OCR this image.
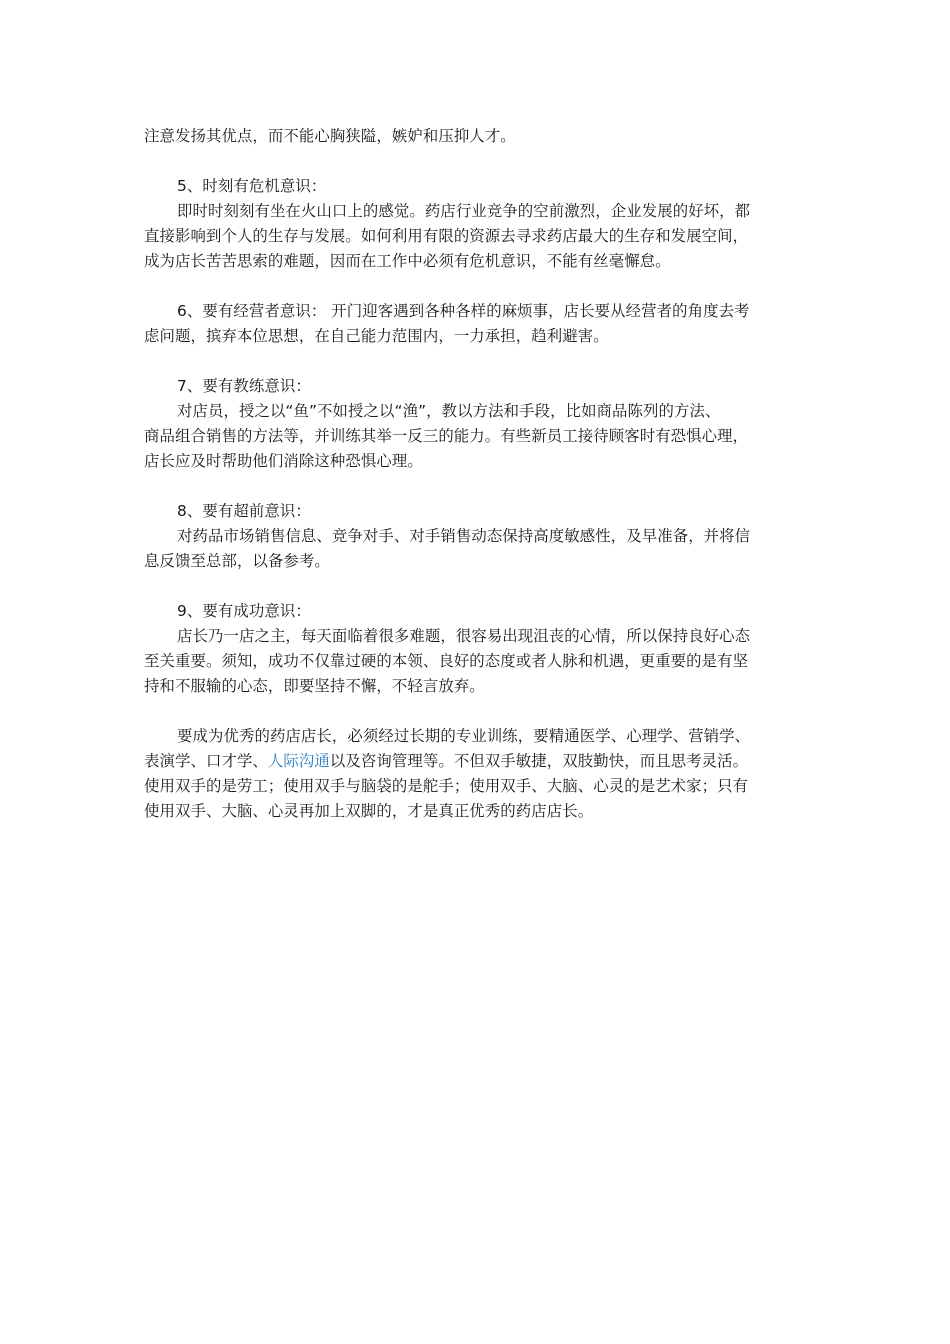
注意发扬其优点，而不能心胸狭隘，嫉妒和压抑人才。

5、时刻有危机意识：
即时时刻刻有坐在火山口上的感觉。药店行业竞争的空前激烈，企业发展的好坏，都
直接影响到个人的生存与发展。如何利用有限的资源去寻求药店最大的生存和发展空间，
成为店长苦苦思索的难题，因而在工作中必须有危机意识，不能有丝毫懈怠。

6、要有经营者意识： 开门迎客遇到各种各样的麻烦事，店长要从经营者的角度去考
虑问题，摈弃本位思想，在自己能力范围内，一力承担，趋利避害。

7、要有教练意识：
对店员，授之以“鱼”不如授之以“渔”，教以方法和手段，比如商品陈列的方法、
商品组合销售的方法等，并训练其举一反三的能力。有些新员工接待顾客时有恐惧心理，
店长应及时帮助他们消除这种恐惧心理。

8、要有超前意识：
对药品市场销售信息、竞争对手、对手销售动态保持高度敏感性，及早准备，并将信
息反馈至总部，以备参考。

9、要有成功意识：
店长乃一店之主，每天面临着很多难题，很容易出现沮丧的心情，所以保持良好心态
至关重要。须知，成功不仅靠过硬的本领、良好的态度或者人脉和机遇，更重要的是有坚
持和不服输的心态，即要坚持不懈，不轻言放弃。

要成为优秀的药店店长，必须经过长期的专业训练，要精通医学、心理学、营销学、
表演学、口才学、人际沟通以及咨询管理等。不但双手敏捷，双肢勤快，而且思考灵活。
使用双手的是劳工；使用双手与脑袋的是舵手；使用双手、大脑、心灵的是艺术家；只有
使用双手、大脑、心灵再加上双脚的，才是真正优秀的药店店长。
